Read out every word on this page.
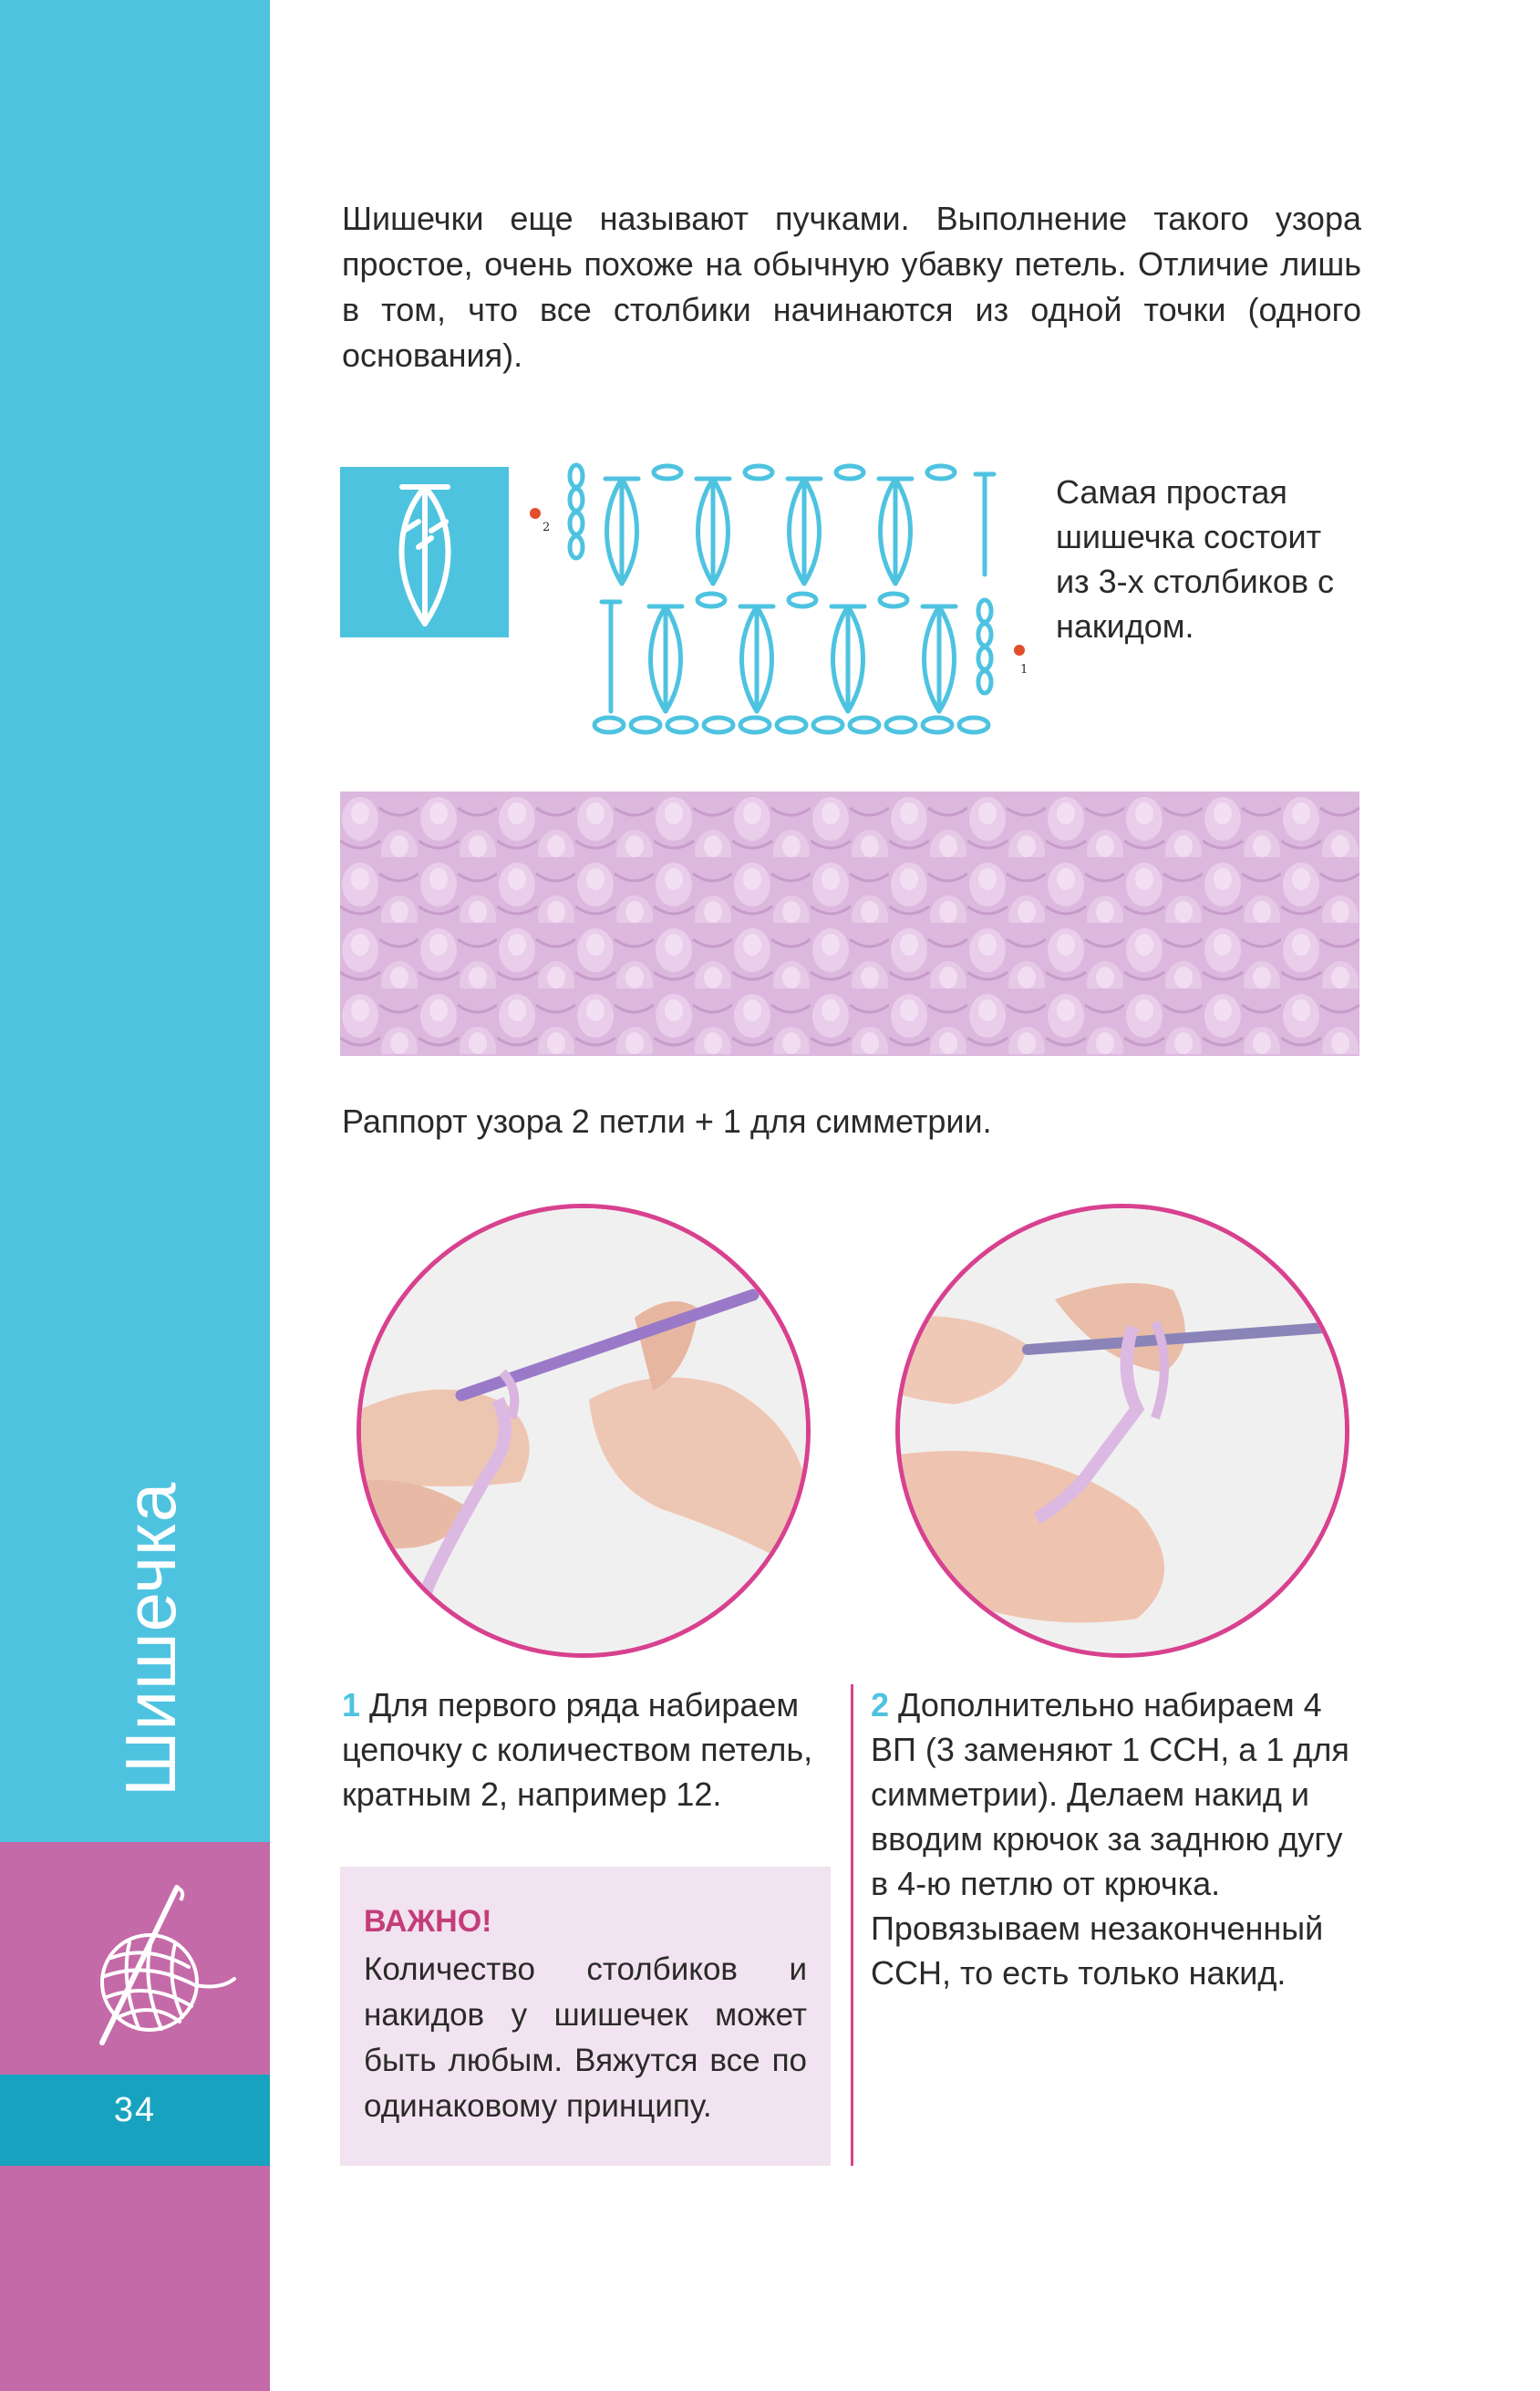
Шишечка
34

Шишечки еще называют пучками. Выполнение такого узора простое, очень похоже на обычную убавку петель. Отличие лишь в том, что все столбики начинаются из одной точки (одного основания).

2
1

Самая простая шишечка состоит из 3-х столбиков с накидом.

Раппорт узора 2 петли + 1 для симметрии.

1 Для первого ряда набираем цепочку с количеством петель, кратным 2, например 12.

2 Дополнительно набираем 4 ВП (3 заменяют 1 ССН, а 1 для симметрии). Делаем накид и вводим крючок за заднюю дугу в 4-ю петлю от крючка.
Провязываем незаконченный ССН, то есть только накид.

ВАЖНО!

Количество столбиков и накидов у шишечек может быть любым. Вяжутся все по одинаковому принципу.
